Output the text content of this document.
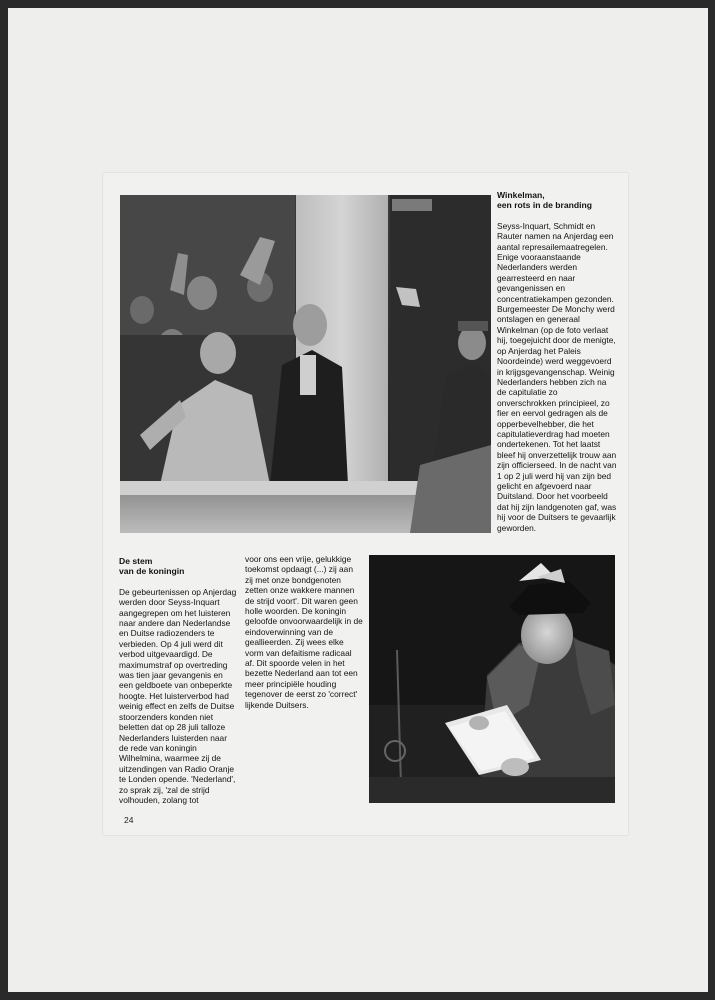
Winkelman,
een rots in de branding

Seyss-Inquart, Schmidt en Rauter namen na Anjerdag een aantal represailemaatregelen. Enige vooraanstaande Nederlanders werden gearresteerd en naar gevangenissen en concentratiekampen gezonden. Burgemeester De Monchy werd ontslagen en generaal Winkelman (op de foto verlaat hij, toegejuicht door de menigte, op Anjerdag het Paleis Noordeinde) werd weggevoerd in krijgsgevangenschap. Weinig Nederlanders hebben zich na de capitulatie zo onverschrokken principieel, zo fier en eervol gedragen als de opperbevelhebber, die het capitulatieverdrag had moeten ondertekenen. Tot het laatst bleef hij onverzettelijk trouw aan zijn officierseed. In de nacht van 1 op 2 juli werd hij van zijn bed gelicht en afgevoerd naar Duitsland. Door het voorbeeld dat hij zijn landgenoten gaf, was hij voor de Duitsers te gevaarlijk geworden.

De stem
van de koningin

De gebeurtenissen op Anjerdag werden door Seyss-Inquart aangegrepen om het luisteren naar andere dan Nederlandse en Duitse radiozenders te verbieden. Op 4 juli werd dit verbod uitgevaardigd. De maximumstraf op overtreding was tien jaar gevangenis en een geldboete van onbeperkte hoogte. Het luisterverbod had weinig effect en zelfs de Duitse stoorzenders konden niet beletten dat op 28 juli talloze Nederlanders luisterden naar de rede van koningin Wilhelmina, waarmee zij de uitzendingen van Radio Oranje te Londen opende. 'Nederland', zo sprak zij, 'zal de strijd volhouden, zolang tot

voor ons een vrije, gelukkige toekomst opdaagt (...) zij aan zij met onze bondgenoten zetten onze wakkere mannen de strijd voort'. Dit waren geen holle woorden. De koningin geloofde onvoorwaardelijk in de eindoverwinning van de geallieerden. Zij wees elke vorm van defaitisme radicaal af. Dit spoorde velen in het bezette Nederland aan tot een meer principiële houding tegenover de eerst zo 'correct' lijkende Duitsers.

24
